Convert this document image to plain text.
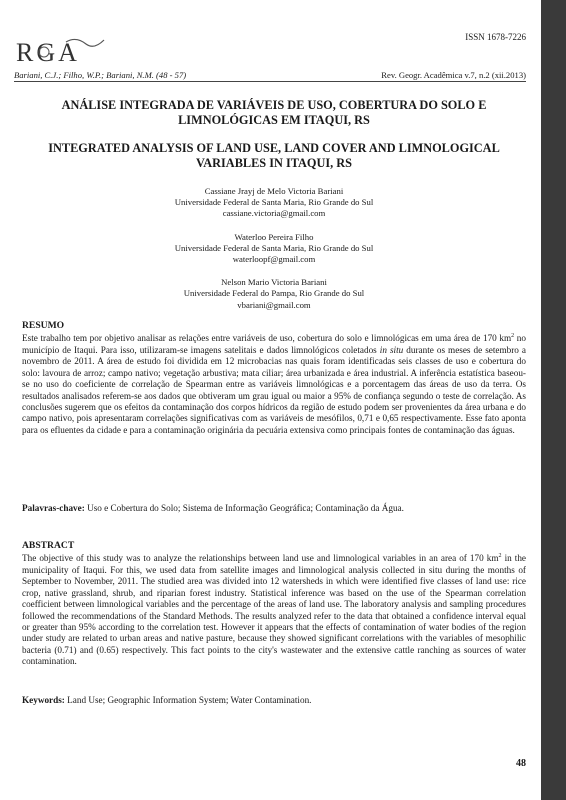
RGA
ISSN 1678-7226
Bariani, C.J.; Filho, W.P.; Bariani, N.M. (48 - 57)	Rev. Geogr. Acadêmica v.7, n.2 (xii.2013)

ANÁLISE INTEGRADA DE VARIÁVEIS DE USO, COBERTURA DO SOLO E LIMNOLÓGICAS EM ITAQUI, RS

INTEGRATED ANALYSIS OF LAND USE, LAND COVER AND LIMNOLOGICAL VARIABLES IN ITAQUI, RS

Cassiane Jrayj de Melo Victoria Bariani
Universidade Federal de Santa Maria, Rio Grande do Sul
cassiane.victoria@gmail.com
Waterloo Pereira Filho
Universidade Federal de Santa Maria, Rio Grande do Sul
waterloopf@gmail.com
Nelson Mario Victoria Bariani
Universidade Federal do Pampa, Rio Grande do Sul
vbariani@gmail.com
RESUMO
Este trabalho tem por objetivo analisar as relações entre variáveis de uso, cobertura do solo e limnológicas em uma área de 170 $km^2$ no município de Itaqui. Para isso, utilizaram-se imagens satelitais e dados limnológicos coletados in situ durante os meses de setembro a novembro de 2011. A área de estudo foi dividida em 12 microbacias nas quais foram identificadas seis classes de uso e cobertura do solo: lavoura de arroz; campo nativo; vegetação arbustiva; mata ciliar; área urbanizada e área industrial. A inferência estatística baseou-se no uso do coeficiente de correlação de Spearman entre as variáveis limnológicas e a porcentagem das áreas de uso da terra. Os resultados analisados referem-se aos dados que obtiveram um grau igual ou maior a 95% de confiança segundo o teste de correlação. As conclusões sugerem que os efeitos da contaminação dos corpos hídricos da região de estudo podem ser provenientes da área urbana e do campo nativo, pois apresentaram correlações significativas com as variáveis de mesófilos, 0,71 e 0,65 respectivamente. Esse fato aponta para os efluentes da cidade e para a contaminação originária da pecuária extensiva como principais fontes de contaminação das águas.
Palavras-chave: Uso e Cobertura do Solo; Sistema de Informação Geográfica; Contaminação da Água.
ABSTRACT
The objective of this study was to analyze the relationships between land use and limnological variables in an area of 170 $km^2$ in the municipality of Itaqui. For this, we used data from satellite images and limnological analysis collected in situ during the months of September to November, 2011. The studied area was divided into 12 watersheds in which were identified five classes of land use: rice crop, native grassland, shrub, and riparian forest industry. Statistical inference was based on the use of the Spearman correlation coefficient between limnological variables and the percentage of the areas of land use. The laboratory analysis and sampling procedures followed the recommendations of the Standard Methods. The results analyzed refer to the data that obtained a confidence interval equal or greater than 95% according to the correlation test. However it appears that the effects of contamination of water bodies of the region under study are related to urban areas and native pasture, because they showed significant correlations with the variables of mesophilic bacteria (0.71) and (0.65) respectively. This fact points to the city's wastewater and the extensive cattle ranching as sources of water contamination.
Keywords: Land Use; Geographic Information System; Water Contamination.
48
